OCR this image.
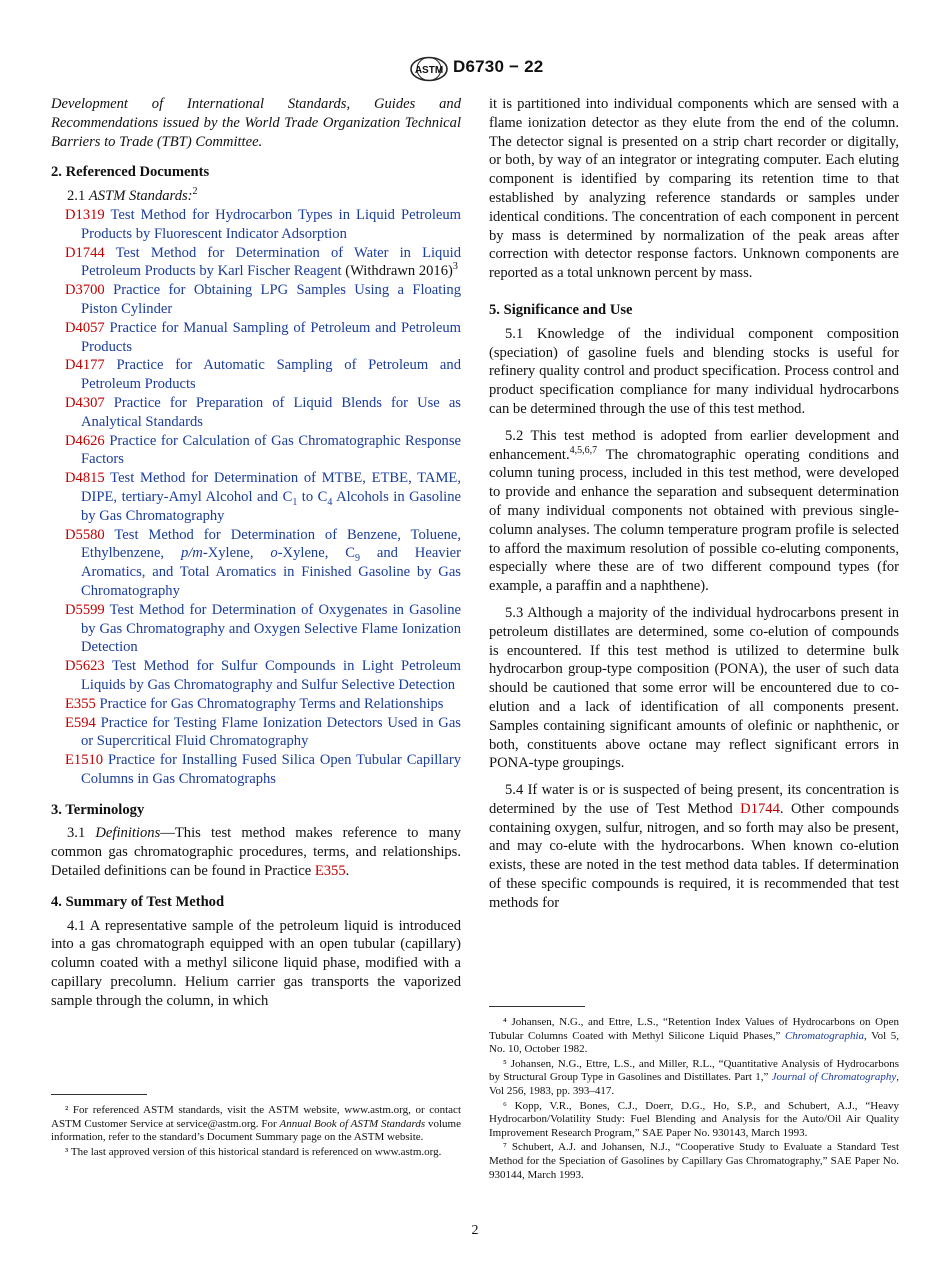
ASTM D6730 − 22

Development of International Standards, Guides and Recommendations issued by the World Trade Organization Technical Barriers to Trade (TBT) Committee.

2. Referenced Documents

2.1 ASTM Standards:$^2$

D1319 Test Method for Hydrocarbon Types in Liquid Petroleum Products by Fluorescent Indicator Adsorption

D1744 Test Method for Determination of Water in Liquid Petroleum Products by Karl Fischer Reagent (Withdrawn 2016)$^3$

D3700 Practice for Obtaining LPG Samples Using a Floating Piston Cylinder

D4057 Practice for Manual Sampling of Petroleum and Petroleum Products

D4177 Practice for Automatic Sampling of Petroleum and Petroleum Products

D4307 Practice for Preparation of Liquid Blends for Use as Analytical Standards

D4626 Practice for Calculation of Gas Chromatographic Response Factors

D4815 Test Method for Determination of MTBE, ETBE, TAME, DIPE, tertiary-Amyl Alcohol and $C_1$ to $C_4$ Alcohols in Gasoline by Gas Chromatography

D5580 Test Method for Determination of Benzene, Toluene, Ethylbenzene, p/m-Xylene, o-Xylene, $C_9$ and Heavier Aromatics, and Total Aromatics in Finished Gasoline by Gas Chromatography

D5599 Test Method for Determination of Oxygenates in Gasoline by Gas Chromatography and Oxygen Selective Flame Ionization Detection

D5623 Test Method for Sulfur Compounds in Light Petroleum Liquids by Gas Chromatography and Sulfur Selective Detection

E355 Practice for Gas Chromatography Terms and Relationships

E594 Practice for Testing Flame Ionization Detectors Used in Gas or Supercritical Fluid Chromatography

E1510 Practice for Installing Fused Silica Open Tubular Capillary Columns in Gas Chromatographs

3. Terminology

3.1 Definitions—This test method makes reference to many common gas chromatographic procedures, terms, and relationships. Detailed definitions can be found in Practice E355.

4. Summary of Test Method

4.1 A representative sample of the petroleum liquid is introduced into a gas chromatograph equipped with an open tubular (capillary) column coated with a methyl silicone liquid phase, modified with a capillary precolumn. Helium carrier gas transports the vaporized sample through the column, in which

² For referenced ASTM standards, visit the ASTM website, www.astm.org, or contact ASTM Customer Service at service@astm.org. For Annual Book of ASTM Standards volume information, refer to the standard’s Document Summary page on the ASTM website.

³ The last approved version of this historical standard is referenced on www.astm.org.

it is partitioned into individual components which are sensed with a flame ionization detector as they elute from the end of the column. The detector signal is presented on a strip chart recorder or digitally, or both, by way of an integrator or integrating computer. Each eluting component is identified by comparing its retention time to that established by analyzing reference standards or samples under identical conditions. The concentration of each component in percent by mass is determined by normalization of the peak areas after correction with detector response factors. Unknown components are reported as a total unknown percent by mass.

5. Significance and Use

5.1 Knowledge of the individual component composition (speciation) of gasoline fuels and blending stocks is useful for refinery quality control and product specification. Process control and product specification compliance for many individual hydrocarbons can be determined through the use of this test method.

5.2 This test method is adopted from earlier development and enhancement.$^{4,5,6,7}$ The chromatographic operating conditions and column tuning process, included in this test method, were developed to provide and enhance the separation and subsequent determination of many individual components not obtained with previous single-column analyses. The column temperature program profile is selected to afford the maximum resolution of possible co-eluting components, especially where these are of two different compound types (for example, a paraffin and a naphthene).

5.3 Although a majority of the individual hydrocarbons present in petroleum distillates are determined, some co-elution of compounds is encountered. If this test method is utilized to determine bulk hydrocarbon group-type composition (PONA), the user of such data should be cautioned that some error will be encountered due to co-elution and a lack of identification of all components present. Samples containing significant amounts of olefinic or naphthenic, or both, constituents above octane may reflect significant errors in PONA-type groupings.

5.4 If water is or is suspected of being present, its concentration is determined by the use of Test Method D1744. Other compounds containing oxygen, sulfur, nitrogen, and so forth may also be present, and may co-elute with the hydrocarbons. When known co-elution exists, these are noted in the test method data tables. If determination of these specific compounds is required, it is recommended that test methods for

⁴ Johansen, N.G., and Ettre, L.S., “Retention Index Values of Hydrocarbons on Open Tubular Columns Coated with Methyl Silicone Liquid Phases,” Chromatographia, Vol 5, No. 10, October 1982.

⁵ Johansen, N.G., Ettre, L.S., and Miller, R.L., “Quantitative Analysis of Hydrocarbons by Structural Group Type in Gasolines and Distillates. Part 1,” Journal of Chromatography, Vol 256, 1983, pp. 393–417.

⁶ Kopp, V.R., Bones, C.J., Doerr, D.G., Ho, S.P., and Schubert, A.J., “Heavy Hydrocarbon/Volatility Study: Fuel Blending and Analysis for the Auto/Oil Air Quality Improvement Research Program,” SAE Paper No. 930143, March 1993.

⁷ Schubert, A.J. and Johansen, N.J., “Cooperative Study to Evaluate a Standard Test Method for the Speciation of Gasolines by Capillary Gas Chromatography,” SAE Paper No. 930144, March 1993.

2
